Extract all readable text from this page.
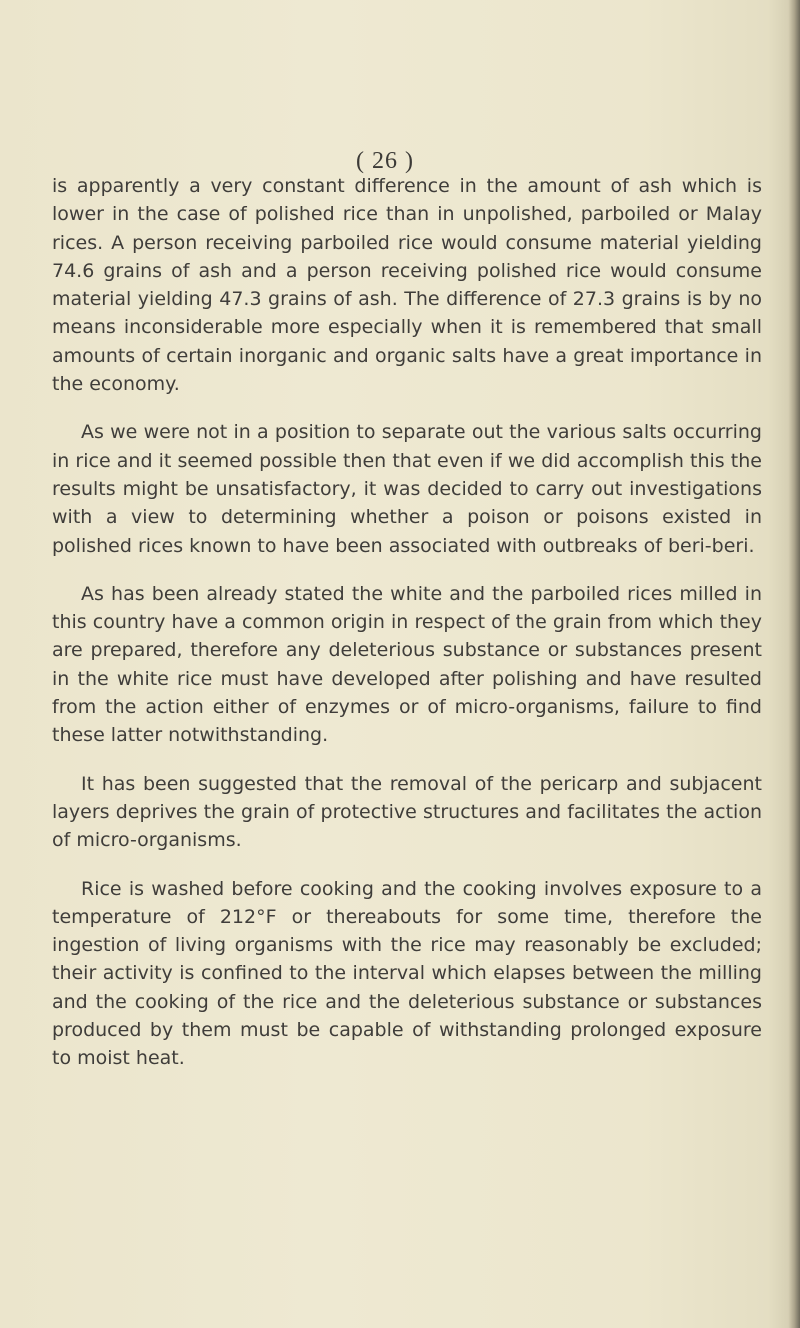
( 26 )

is apparently a very constant difference in the amount of ash which is lower in the case of polished rice than in unpolished, parboiled or Malay rices. A person receiving parboiled rice would consume material yielding 74.6 grains of ash and a person receiving polished rice would consume material yielding 47.3 grains of ash. The difference of 27.3 grains is by no means inconsiderable more especially when it is remembered that small amounts of certain inorganic and organic salts have a great importance in the economy.

As we were not in a position to separate out the various salts occurring in rice and it seemed possible then that even if we did accomplish this the results might be unsatisfactory, it was decided to carry out investigations with a view to determining whether a poison or poisons existed in polished rices known to have been associated with outbreaks of beri-beri.

As has been already stated the white and the parboiled rices milled in this country have a common origin in respect of the grain from which they are prepared, therefore any deleterious substance or substances present in the white rice must have developed after polishing and have resulted from the action either of enzymes or of micro-organisms, failure to find these latter notwithstanding.

It has been suggested that the removal of the pericarp and subjacent layers deprives the grain of protective structures and facilitates the action of micro-organisms.

Rice is washed before cooking and the cooking involves exposure to a temperature of 212°F or thereabouts for some time, therefore the ingestion of living organisms with the rice may reasonably be excluded; their activity is confined to the interval which elapses between the milling and the cooking of the rice and the deleterious substance or substances produced by them must be capable of withstanding prolonged exposure to moist heat.
